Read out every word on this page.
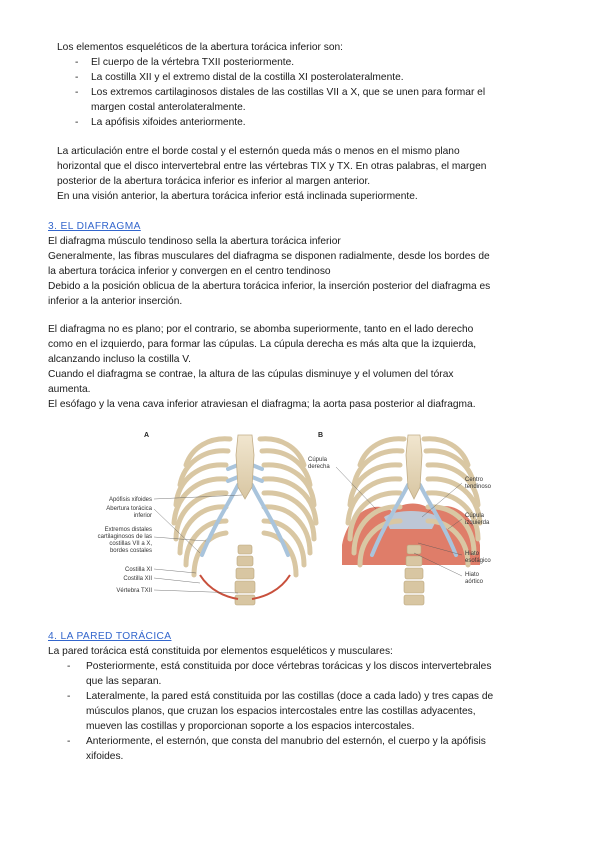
Los elementos esqueléticos de la abertura torácica inferior son:
- El cuerpo de la vértebra TXII posteriormente.
- La costilla XII y el extremo distal de la costilla XI posterolateralmente.
- Los extremos cartilaginosos distales de las costillas VII a X, que se unen para formar el
margen costal anterolateralmente.
- La apófisis xifoides anteriormente.
La articulación entre el borde costal y el esternón queda más o menos en el mismo plano
horizontal que el disco intervertebral entre las vértebras TIX y TX. En otras palabras, el margen
posterior de la abertura torácica inferior es inferior al margen anterior.
En una visión anterior, la abertura torácica inferior está inclinada superiormente.
3. EL DIAFRAGMA
El diafragma músculo tendinoso sella la abertura torácica inferior
Generalmente, las fibras musculares del diafragma se disponen radialmente, desde los bordes de
la abertura torácica inferior y convergen en el centro tendinoso
Debido a la posición oblicua de la abertura torácica inferior, la inserción posterior del diafragma es
inferior a la anterior inserción.
El diafragma no es plano; por el contrario, se abomba superiormente, tanto en el lado derecho
como en el izquierdo, para formar las cúpulas. La cúpula derecha es más alta que la izquierda,
alcanzando incluso la costilla V.
Cuando el diafragma se contrae, la altura de las cúpulas disminuye y el volumen del tórax
aumenta.
El esófago y la vena cava inferior atraviesan el diafragma; la aorta pasa posterior al diafragma.
A
Apófisis xifoides
Abertura torácica
inferior
Extremos distales
cartilaginosos de las
costillas VII a X,
bordes costales
Costilla XI
Costilla XII
Vértebra TXII
B
Cúpula
derecha
Centro
tendinoso
Cúpula
izquierda
Hiato
esofágico
Hiato
aórtico
4. LA PARED TORÁCICA
La pared torácica está constituida por elementos esqueléticos y musculares:
- Posteriormente, está constituida por doce vértebras torácicas y los discos intervertebrales
que las separan.
- Lateralmente, la pared está constituida por las costillas (doce a cada lado) y tres capas de
músculos planos, que cruzan los espacios intercostales entre las costillas adyacentes,
mueven las costillas y proporcionan soporte a los espacios intercostales.
- Anteriormente, el esternón, que consta del manubrio del esternón, el cuerpo y la apófisis
xifoides.
